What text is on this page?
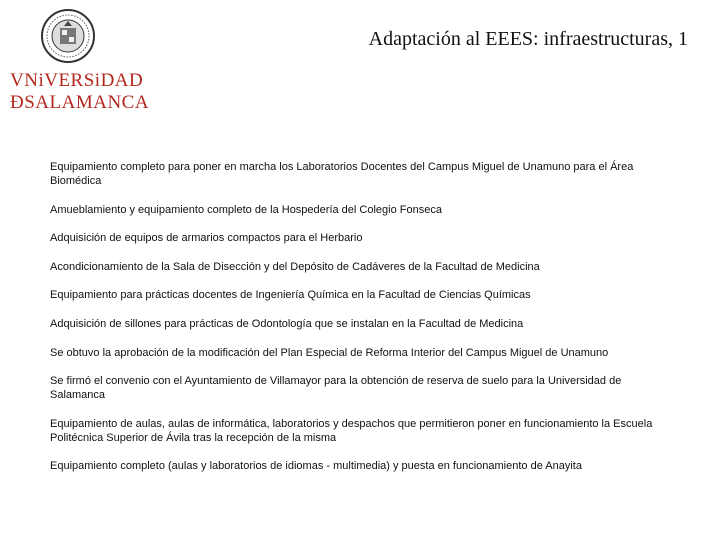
VNiVERSiDAD
ÐSALAMANCA
Adaptación al EEES: infraestructuras, 1
Equipamiento completo para poner en marcha los Laboratorios Docentes del Campus Miguel de Unamuno para el Área Biomédica
Amueblamiento y equipamiento completo de la Hospedería del Colegio Fonseca
Adquisición de equipos de armarios compactos para el Herbario
Acondicionamiento de la Sala de Disección y del Depósito de Cadáveres de la Facultad de Medicina
Equipamiento para prácticas docentes de Ingeniería Química en la Facultad de Ciencias Químicas
Adquisición de sillones para prácticas de Odontología que se instalan en la Facultad de Medicina
Se obtuvo la aprobación de la modificación del Plan Especial de Reforma Interior del Campus Miguel de Unamuno
Se firmó el convenio con el Ayuntamiento de Villamayor para la obtención de reserva de suelo para la Universidad de Salamanca
Equipamiento de aulas, aulas de informática, laboratorios y despachos que permitieron poner en funcionamiento la Escuela Politécnica Superior de Ávila tras la recepción de la misma
Equipamiento completo (aulas y laboratorios de idiomas - multimedia) y puesta en funcionamiento de Anayita
